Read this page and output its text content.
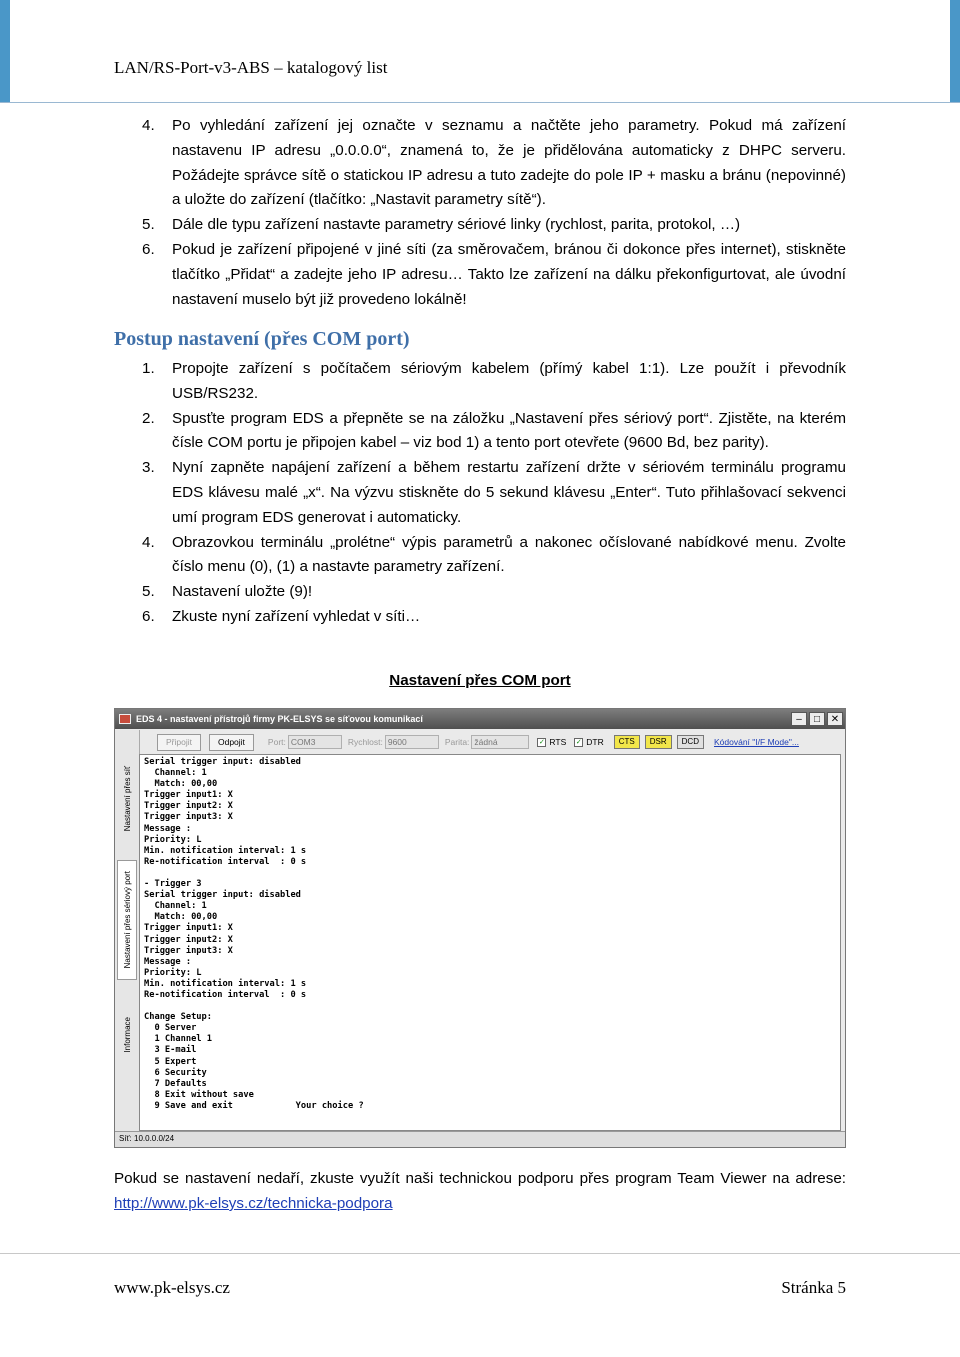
LAN/RS-Port-v3-ABS – katalogový list
4.	Po vyhledání zařízení jej označte v seznamu a načtěte jeho parametry. Pokud má zařízení nastavenu IP adresu „0.0.0.0“, znamená to, že je přidělována automaticky z DHPC serveru. Požádejte správce sítě o statickou IP adresu a tuto zadejte do pole IP + masku a bránu (nepovinné) a uložte do zařízení (tlačítko: „Nastavit parametry sítě“).
5.	Dále dle typu zařízení nastavte parametry sériové linky (rychlost, parita, protokol, …)
6.	Pokud je zařízení připojené v jiné síti (za směrovačem, bránou či dokonce přes internet), stiskněte tlačítko „Přidat“ a zadejte jeho IP adresu… Takto lze zařízení na dálku překonfigurtovat, ale úvodní nastavení muselo být již provedeno lokálně!
Postup nastavení (přes COM port)
1.	Propojte zařízení s počítačem sériovým kabelem (přímý kabel 1:1). Lze použít i převodník USB/RS232.
2.	Spusťte program EDS a přepněte se na záložku „Nastavení přes sériový port“. Zjistěte, na kterém čísle COM portu je připojen kabel – viz bod 1) a tento port otevřete (9600 Bd, bez parity).
3.	Nyní zapněte napájení zařízení a během restartu zařízení držte v sériovém terminálu programu EDS klávesu malé „x“. Na výzvu stiskněte do 5 sekund klávesu „Enter“. Tuto přihlašovací sekvenci umí program EDS generovat i automaticky.
4.	Obrazovkou terminálu „prolétne“ výpis parametrů a nakonec očíslované nabídkové menu. Zvolte číslo menu (0), (1) a nastavte parametry zařízení.
5.	Nastavení uložte (9)!
6.	Zkuste nyní zařízení vyhledat v síti…
Nastavení přes COM port
EDS 4 - nastavení přístrojů firmy PK-ELSYS se síťovou komunikací	–	□	✕
Nastavení přes síť
Nastavení přes sériový port
Informace
Připojit	Odpojit	Port: COM3	Rychlost: 9600	Parita: žádná	✓ RTS ✓ DTR	CTS	DSR	DCD	Kódování "I/F Mode"...
Serial trigger input: disabled
Channel: 1
Match: 00,00
Trigger input1: X
Trigger input2: X
Trigger input3: X
Message :
Priority: L
Min. notification interval: 1 s
Re-notification interval  : 0 s
- Trigger 3
Serial trigger input: disabled
Channel: 1
Match: 00,00
Trigger input1: X
Trigger input2: X
Trigger input3: X
Message :
Priority: L
Min. notification interval: 1 s
Re-notification interval  : 0 s
Change Setup:
0 Server
1 Channel 1
3 E-mail
5 Expert
6 Security
7 Defaults
8 Exit without save
9 Save and exit            Your choice ?
Síť: 10.0.0.0/24
Pokud se nastavení nedaří, zkuste využít naši technickou podporu přes program Team Viewer na adrese: http://www.pk-elsys.cz/technicka-podpora
www.pk-elsys.cz	Stránka 5
